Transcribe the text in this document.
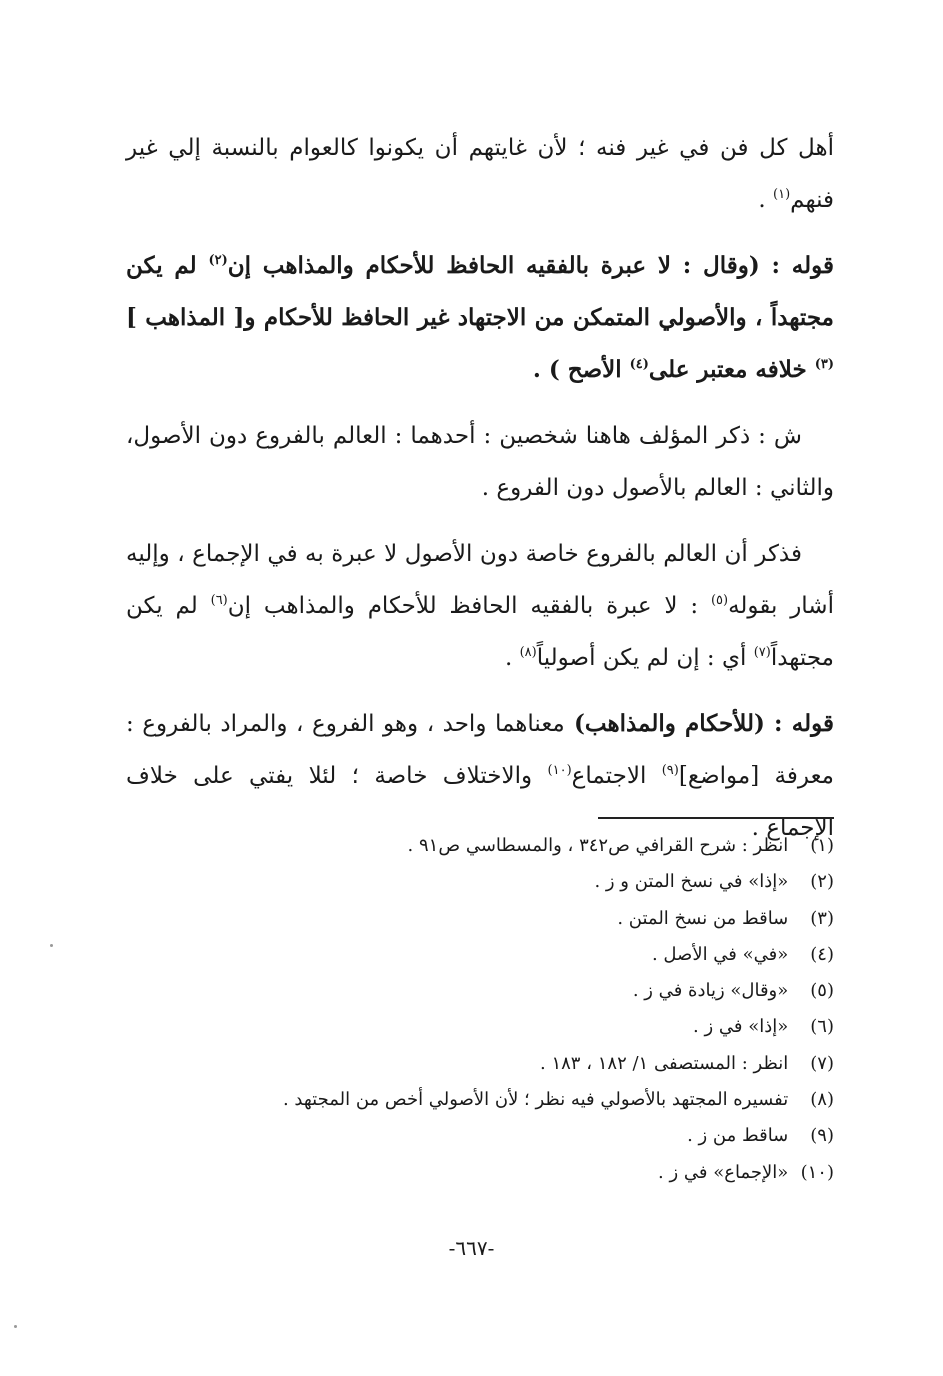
أهل كل فن في غير فنه ؛ لأن غايتهم أن يكونوا كالعوام بالنسبة إلي غير فنهم$^{(١)}$ .

قوله : (وقال : لا عبرة بالفقيه الحافظ للأحكام والمذاهب إن$^{(٢)}$ لم يكن مجتهداً ، والأصولي المتمكن من الاجتهاد غير الحافظ للأحكام و[ المذاهب ]$^{(٣)}$ خلافه معتبر على$^{(٤)}$ الأصح ) .

ش : ذكر المؤلف هاهنا شخصين : أحدهما : العالم بالفروع دون الأصول، والثاني : العالم بالأصول دون الفروع .

فذكر أن العالم بالفروع خاصة دون الأصول لا عبرة به في الإجماع ، وإليه أشار بقوله$^{(٥)}$ : لا عبرة بالفقيه الحافظ للأحكام والمذاهب إن$^{(٦)}$ لم يكن مجتهداً$^{(٧)}$ أي : إن لم يكن أصولياً$^{(٨)}$ .

قوله : (للأحكام والمذاهب) معناهما واحد ، وهو الفروع ، والمراد بالفروع : معرفة [مواضع]$^{(٩)}$ الاجتماع$^{(١٠)}$ والاختلاف خاصة ؛ لئلا يفتي على خلاف الإجماع .

(١) انظر : شرح القرافي ص٣٤٢ ، والمسطاسي ص٩١ .
(٢) «إذا» في نسخ المتن و ز .
(٣) ساقط من نسخ المتن .
(٤) «في» في الأصل .
(٥) «وقال» زيادة في ز .
(٦) «إذا» في ز .
(٧) انظر : المستصفى ١/ ١٨٢ ، ١٨٣ .
(٨) تفسيره المجتهد بالأصولي فيه نظر ؛ لأن الأصولي أخص من المجتهد .
(٩) ساقط من ز .
(١٠) «الإجماع» في ز .
-٦٦٧-
